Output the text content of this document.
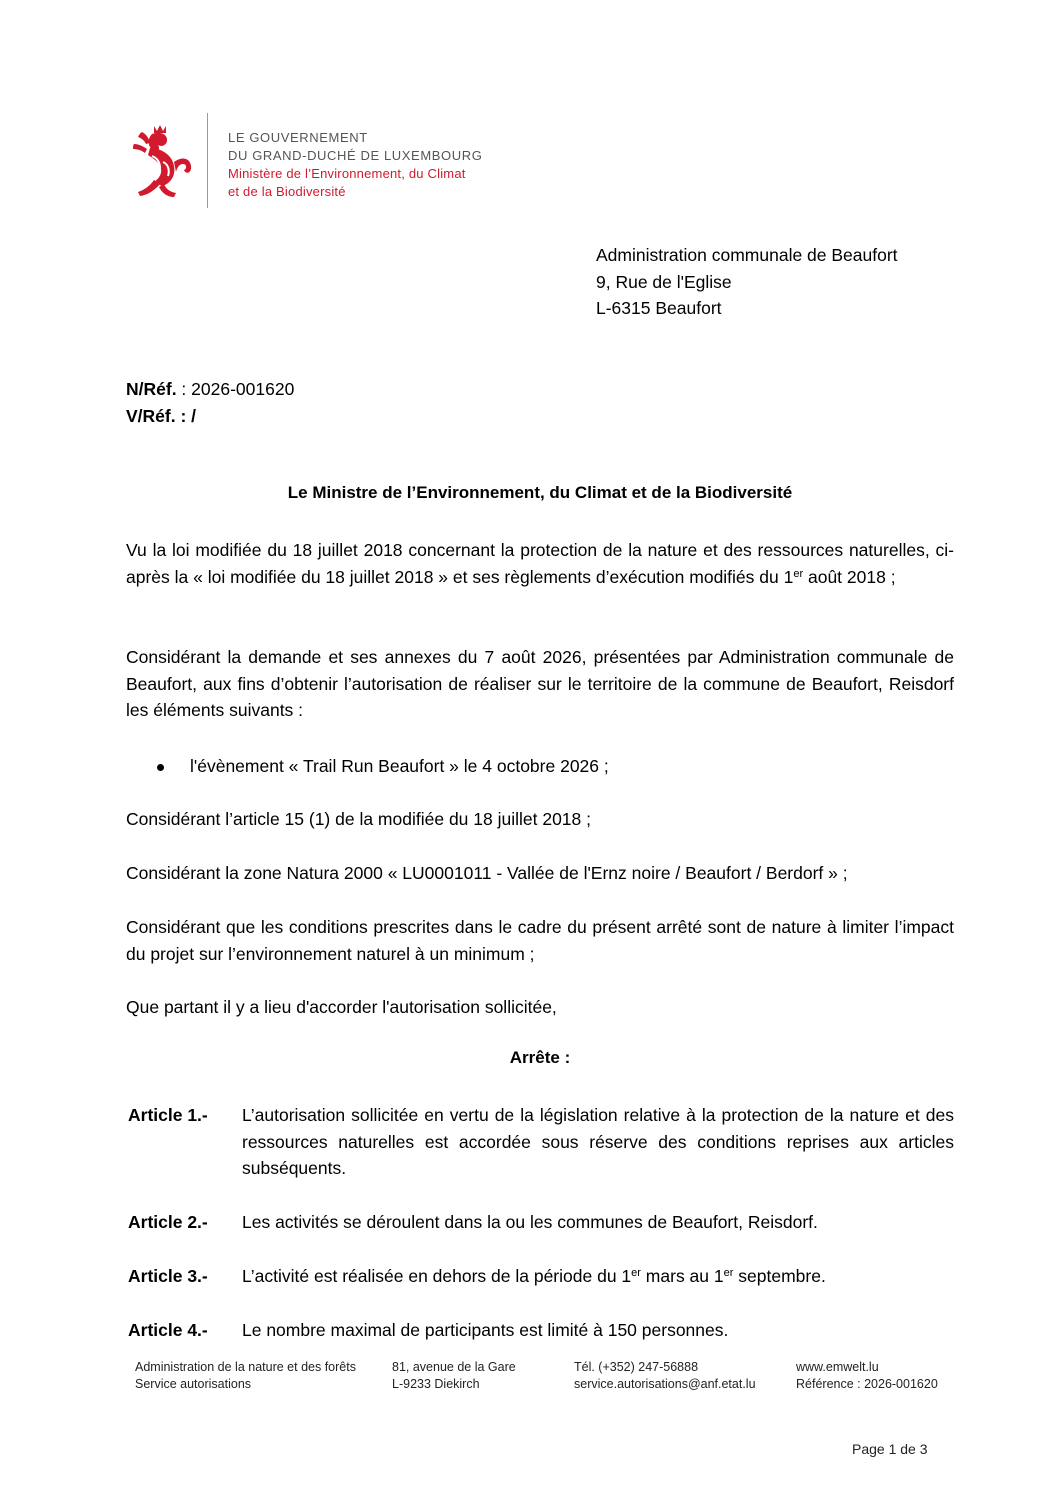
LE GOUVERNEMENT
DU GRAND-DUCHÉ DE LUXEMBOURG
Ministère de l’Environnement, du Climat
et de la Biodiversité
Administration communale de Beaufort
9, Rue de l'Eglise
L-6315 Beaufort
N/Réf. : 2026-001620
V/Réf. : /
Le Ministre de l’Environnement, du Climat et de la Biodiversité
Vu la loi modifiée du 18 juillet 2018 concernant la protection de la nature et des ressources naturelles, ci-après la « loi modifiée du 18 juillet 2018 » et ses règlements d’exécution modifiés du 1er août 2018 ;
Considérant la demande et ses annexes du 7 août 2026, présentées par Administration communale de Beaufort, aux fins d’obtenir l’autorisation de réaliser sur le territoire de la commune de Beaufort, Reisdorf les éléments suivants :
l'évènement « Trail Run Beaufort » le 4 octobre 2026 ;
Considérant l’article 15 (1) de la modifiée du 18 juillet 2018 ;
Considérant la zone Natura 2000 « LU0001011 - Vallée de l'Ernz noire / Beaufort / Berdorf » ;
Considérant que les conditions prescrites dans le cadre du présent arrêté sont de nature à limiter l’impact du projet sur l’environnement naturel à un minimum ;
Que partant il y a lieu d'accorder l'autorisation sollicitée,
Arrête :
Article 1.- L’autorisation sollicitée en vertu de la législation relative à la protection de la nature et des ressources naturelles est accordée sous réserve des conditions reprises aux articles subséquents.
Article 2.- Les activités se déroulent dans la ou les communes de Beaufort, Reisdorf.
Article 3.- L’activité est réalisée en dehors de la période du 1er mars au 1er septembre.
Article 4.- Le nombre maximal de participants est limité à 150 personnes.
Administration de la nature et des forêts
Service autorisations
81, avenue de la Gare
L-9233 Diekirch
Tél. (+352) 247-56888
service.autorisations@anf.etat.lu
www.emwelt.lu
Référence : 2026-001620
Page 1 de 3
